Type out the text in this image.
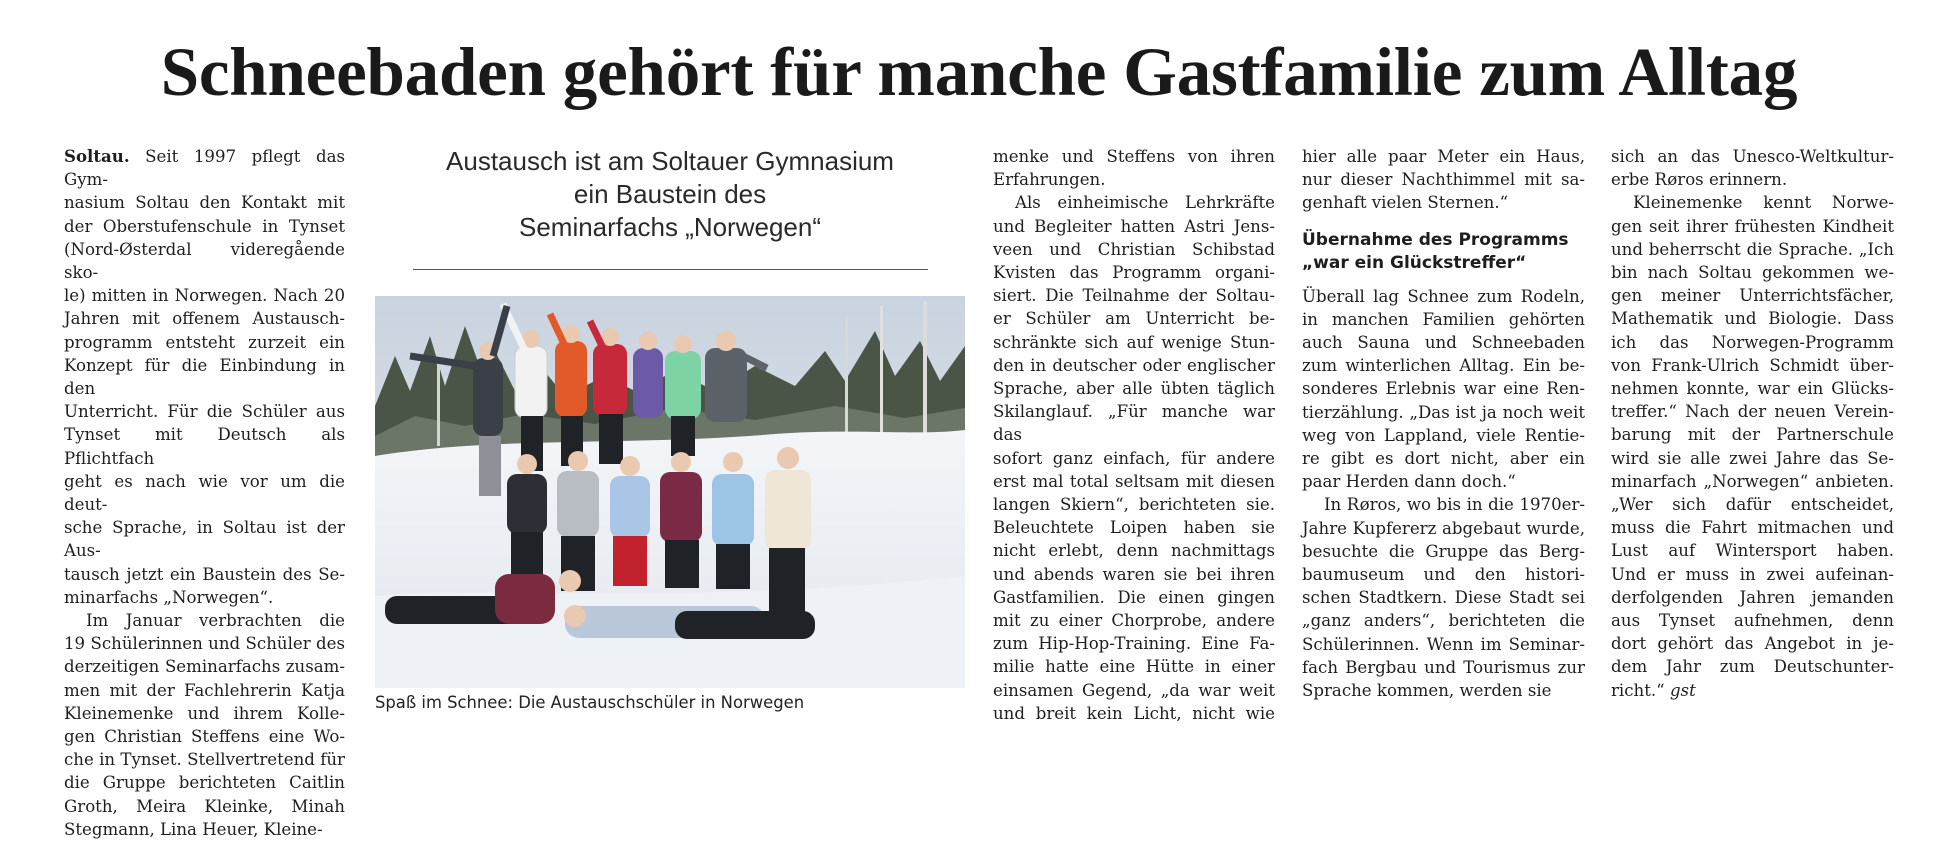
Schneebaden gehört für manche Gastfamilie zum Alltag

Soltau. Seit 1997 pflegt das Gym-

nasium Soltau den Kontakt mit

der Oberstufenschule in Tynset

(Nord-Østerdal videregående sko-

le) mitten in Norwegen. Nach 20

Jahren mit offenem Austausch-

programm entsteht zurzeit ein

Konzept für die Einbindung in den

Unterricht. Für die Schüler aus

Tynset mit Deutsch als Pflichtfach

geht es nach wie vor um die deut-

sche Sprache, in Soltau ist der Aus-

tausch jetzt ein Baustein des Se-

minarfachs „Norwegen“.

Im Januar verbrachten die

19 Schülerinnen und Schüler des

derzeitigen Seminarfachs zusam-

men mit der Fachlehrerin Katja

Kleinemenke und ihrem Kolle-

gen Christian Steffens eine Wo-

che in Tynset. Stellvertretend für

die Gruppe berichteten Caitlin

Groth, Meira Kleinke, Minah

Stegmann, Lina Heuer, Kleine-

Austausch ist am Soltauer Gymnasium
ein Baustein des
Seminarfachs „Norwegen“
Spaß im Schnee: Die Austauschschüler in Norwegen

menke und Steffens von ihren

Erfahrungen.

Als einheimische Lehrkräfte

und Begleiter hatten Astri Jens-

veen und Christian Schibstad

Kvisten das Programm organi-

siert. Die Teilnahme der Soltau-

er Schüler am Unterricht be-

schränkte sich auf wenige Stun-

den in deutscher oder englischer

Sprache, aber alle übten täglich

Skilanglauf. „Für manche war das

sofort ganz einfach, für andere

erst mal total seltsam mit diesen

langen Skiern“, berichteten sie.

Beleuchtete Loipen haben sie

nicht erlebt, denn nachmittags

und abends waren sie bei ihren

Gastfamilien. Die einen gingen

mit zu einer Chorprobe, andere

zum Hip-Hop-Training. Eine Fa-

milie hatte eine Hütte in einer

einsamen Gegend, „da war weit

und breit kein Licht, nicht wie

hier alle paar Meter ein Haus,

nur dieser Nachthimmel mit sa-

genhaft vielen Sternen.“

Übernahme des Programms

„war ein Glückstreffer“

Überall lag Schnee zum Rodeln,

in manchen Familien gehörten

auch Sauna und Schneebaden

zum winterlichen Alltag. Ein be-

sonderes Erlebnis war eine Ren-

tierzählung. „Das ist ja noch weit

weg von Lappland, viele Rentie-

re gibt es dort nicht, aber ein

paar Herden dann doch.“

In Røros, wo bis in die 1970er-

Jahre Kupfererz abgebaut wurde,

besuchte die Gruppe das Berg-

baumuseum und den histori-

schen Stadtkern. Diese Stadt sei

„ganz anders“, berichteten die

Schülerinnen. Wenn im Seminar-

fach Bergbau und Tourismus zur

Sprache kommen, werden sie

sich an das Unesco-Weltkultur-

erbe Røros erinnern.

Kleinemenke kennt Norwe-

gen seit ihrer frühesten Kindheit

und beherrscht die Sprache. „Ich

bin nach Soltau gekommen we-

gen meiner Unterrichtsfächer,

Mathematik und Biologie. Dass

ich das Norwegen-Programm

von Frank-Ulrich Schmidt über-

nehmen konnte, war ein Glücks-

treffer.“ Nach der neuen Verein-

barung mit der Partnerschule

wird sie alle zwei Jahre das Se-

minarfach „Norwegen“ anbieten.

„Wer sich dafür entscheidet,

muss die Fahrt mitmachen und

Lust auf Wintersport haben.

Und er muss in zwei aufeinan-

derfolgenden Jahren jemanden

aus Tynset aufnehmen, denn

dort gehört das Angebot in je-

dem Jahr zum Deutschunter-

richt.“ gst
